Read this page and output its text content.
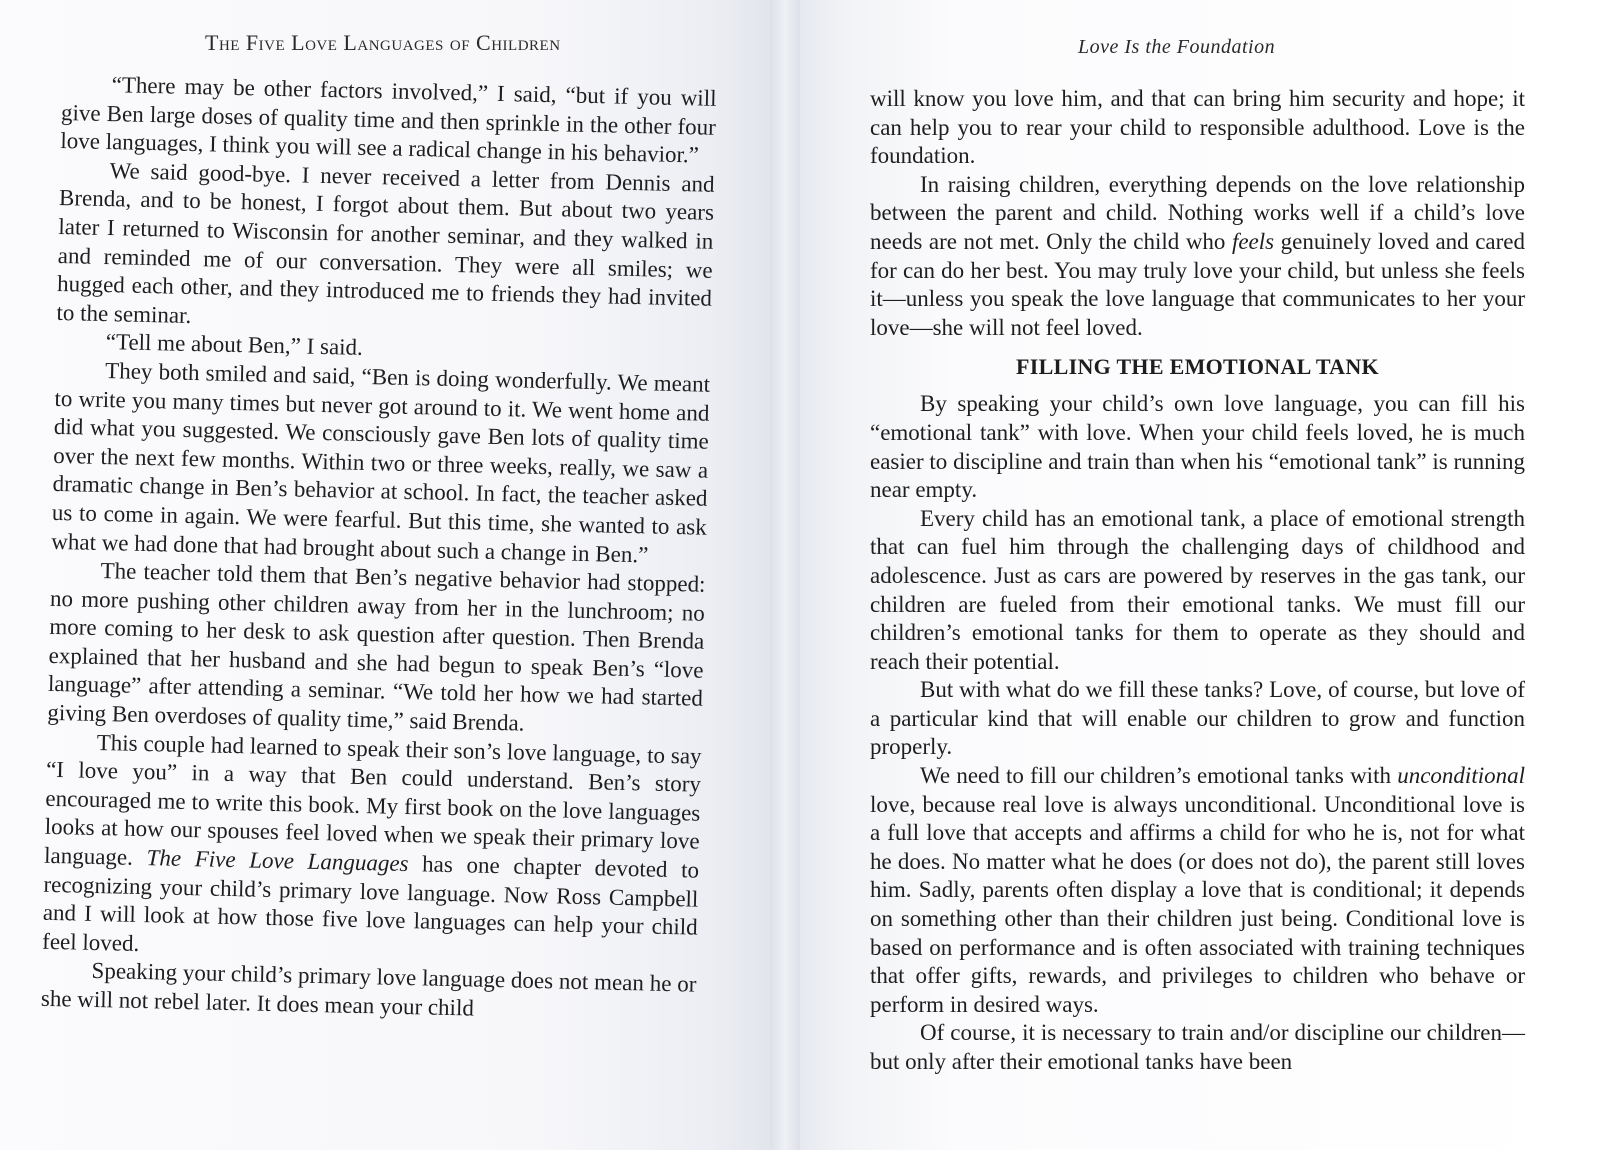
The Five Love Languages of Children

“There may be other factors involved,” I said, “but if you will give Ben large doses of quality time and then sprinkle in the other four love languages, I think you will see a radical change in his behavior.”

We said good-bye. I never received a letter from Dennis and Brenda, and to be honest, I forgot about them. But about two years later I returned to Wisconsin for another seminar, and they walked in and reminded me of our conversation. They were all smiles; we hugged each other, and they introduced me to friends they had invited to the seminar.

“Tell me about Ben,” I said.

They both smiled and said, “Ben is doing wonderfully. We meant to write you many times but never got around to it. We went home and did what you suggested. We consciously gave Ben lots of quality time over the next few months. Within two or three weeks, really, we saw a dramatic change in Ben’s behavior at school. In fact, the teacher asked us to come in again. We were fearful. But this time, she wanted to ask what we had done that had brought about such a change in Ben.”

The teacher told them that Ben’s negative behavior had stopped: no more pushing other children away from her in the lunchroom; no more coming to her desk to ask question after question. Then Brenda explained that her husband and she had begun to speak Ben’s “love language” after attending a seminar. “We told her how we had started giving Ben overdoses of quality time,” said Brenda.

This couple had learned to speak their son’s love language, to say “I love you” in a way that Ben could understand. Ben’s story encouraged me to write this book. My first book on the love languages looks at how our spouses feel loved when we speak their primary love language. The Five Love Languages has one chapter devoted to recognizing your child’s primary love language. Now Ross Campbell and I will look at how those five love languages can help your child feel loved.

Speaking your child’s primary love language does not mean he or she will not rebel later. It does mean your child

Love Is the Foundation

will know you love him, and that can bring him security and hope; it can help you to rear your child to responsible adulthood. Love is the foundation.

In raising children, everything depends on the love relationship between the parent and child. Nothing works well if a child’s love needs are not met. Only the child who feels genuinely loved and cared for can do her best. You may truly love your child, but unless she feels it—unless you speak the love language that communicates to her your love—she will not feel loved.

FILLING THE EMOTIONAL TANK

By speaking your child’s own love language, you can fill his “emotional tank” with love. When your child feels loved, he is much easier to discipline and train than when his “emotional tank” is running near empty.

Every child has an emotional tank, a place of emotional strength that can fuel him through the challenging days of childhood and adolescence. Just as cars are powered by reserves in the gas tank, our children are fueled from their emotional tanks. We must fill our children’s emotional tanks for them to operate as they should and reach their potential.

But with what do we fill these tanks? Love, of course, but love of a particular kind that will enable our children to grow and function properly.

We need to fill our children’s emotional tanks with unconditional love, because real love is always unconditional. Unconditional love is a full love that accepts and affirms a child for who he is, not for what he does. No matter what he does (or does not do), the parent still loves him. Sadly, parents often display a love that is conditional; it depends on something other than their children just being. Conditional love is based on performance and is often associated with training techniques that offer gifts, rewards, and privileges to children who behave or perform in desired ways.

Of course, it is necessary to train and/or discipline our children—but only after their emotional tanks have been
